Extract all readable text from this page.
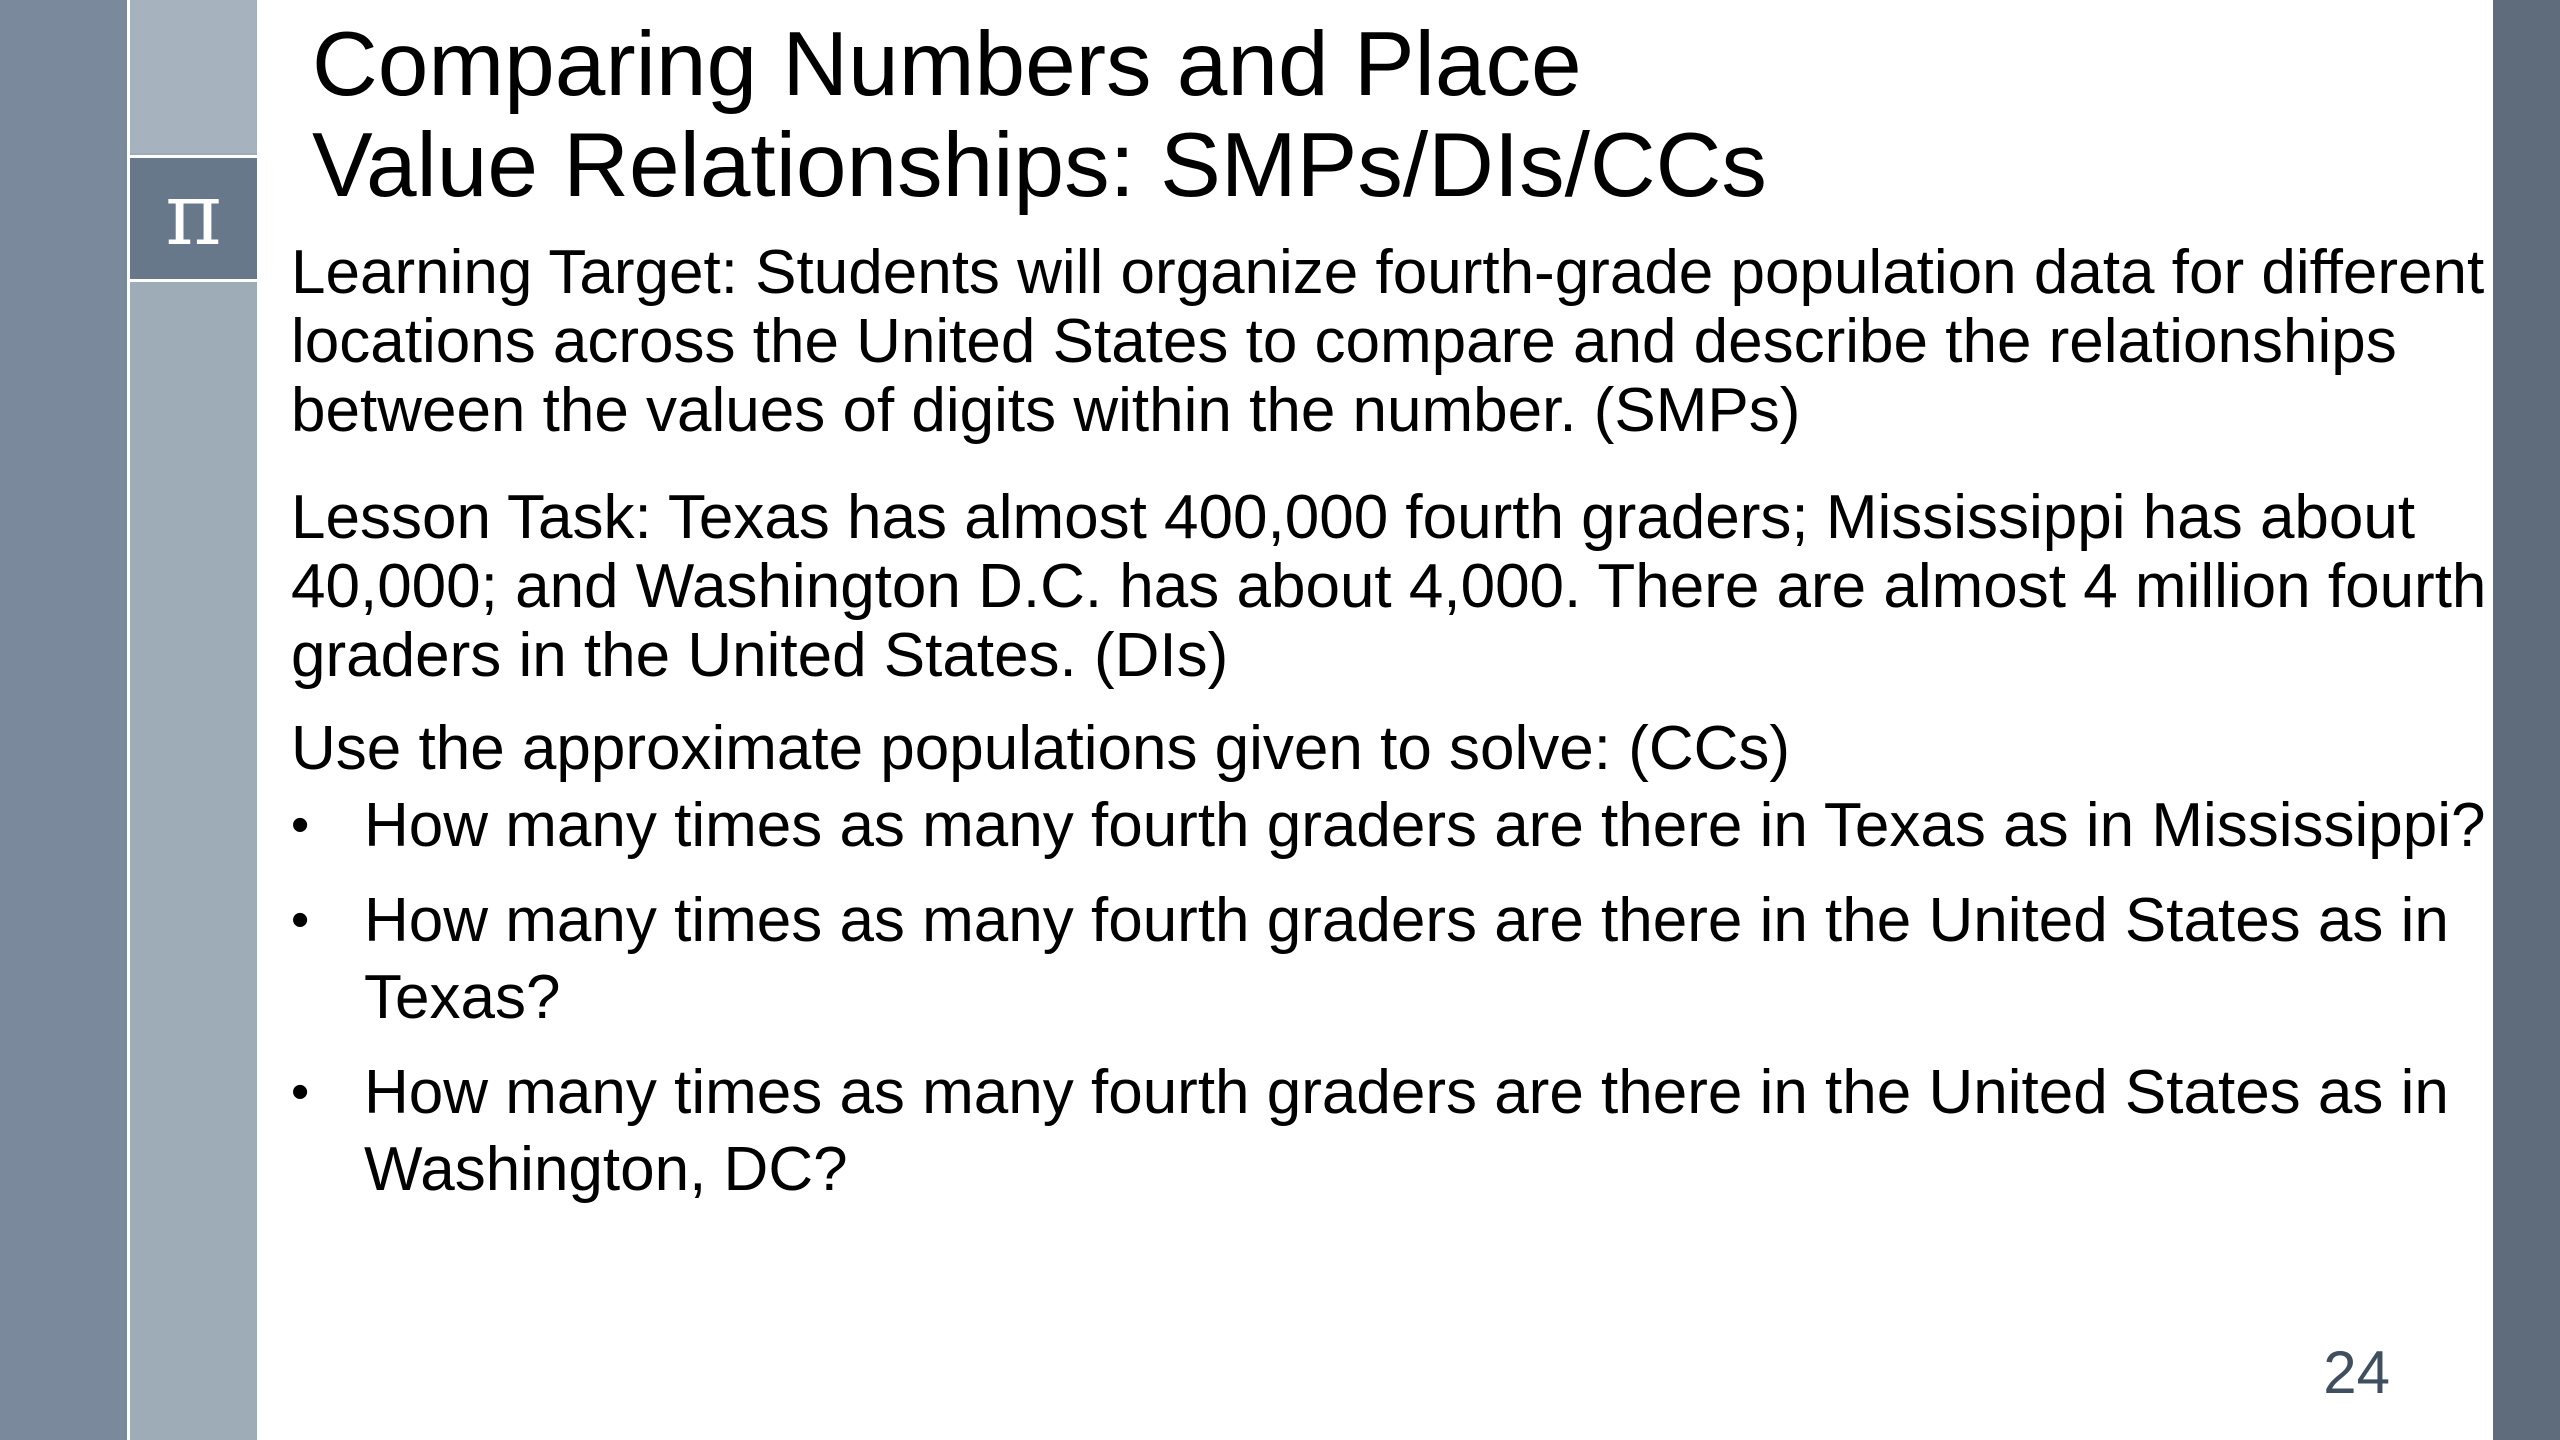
π
Comparing Numbers and Place
Value Relationships: SMPs/DIs/CCs

Learning Target: Students will organize fourth-grade population data for different locations across the United States to compare and describe the relationships between the values of digits within the number. (SMPs)

Lesson Task: Texas has almost 400,000 fourth graders; Mississippi has about 40,000; and Washington D.C. has about 4,000. There are almost 4 million fourth graders in the United States. (DIs)

Use the approximate populations given to solve: (CCs)

• How many times as many fourth graders are there in Texas as in Mississippi?
• How many times as many fourth graders are there in the United States as in Texas?
• How many times as many fourth graders are there in the United States as in Washington, DC?
24
